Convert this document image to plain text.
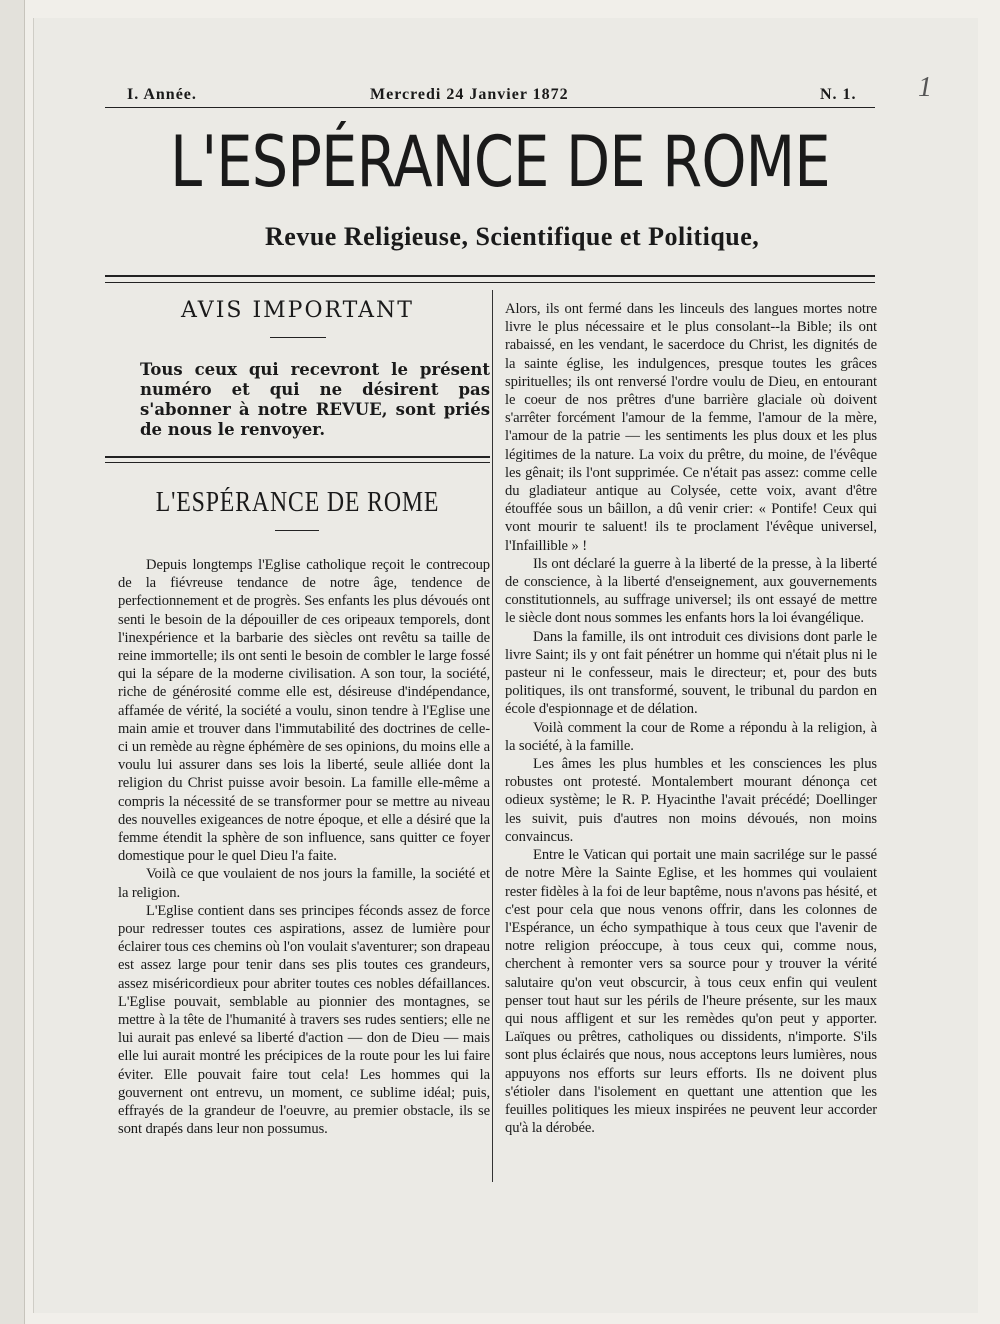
1
I. Année.	Mercredi 24 Janvier 1872	N. 1.
L'ESPÉRANCE DE ROME
Revue Religieuse, Scientifique et Politique,
AVIS IMPORTANT
Tous ceux qui recevront le présent numéro et qui ne désirent pas s'abonner à notre REVUE, sont priés de nous le renvoyer.
L'ESPÉRANCE DE ROME

Depuis longtemps l'Eglise catholique reçoit le contrecoup de la fiévreuse tendance de notre âge, tendence de perfectionnement et de progrès. Ses enfants les plus dévoués ont senti le besoin de la dépouiller de ces oripeaux temporels, dont l'inexpérience et la barbarie des siècles ont revêtu sa taille de reine immortelle; ils ont senti le besoin de combler le large fossé qui la sépare de la moderne civilisation. A son tour, la société, riche de générosité comme elle est, désireuse d'indépendance, affamée de vérité, la société a voulu, sinon tendre à l'Eglise une main amie et trouver dans l'immutabilité des doctrines de celle-ci un remède au règne éphémère de ses opinions, du moins elle a voulu lui assurer dans ses lois la liberté, seule alliée dont la religion du Christ puisse avoir besoin. La famille elle-même a compris la nécessité de se transformer pour se mettre au niveau des nouvelles exigeances de notre époque, et elle a désiré que la femme étendit la sphère de son influence, sans quitter ce foyer domestique pour le quel Dieu l'a faite.

Voilà ce que voulaient de nos jours la famille, la société et la religion.

L'Eglise contient dans ses principes féconds assez de force pour redresser toutes ces aspirations, assez de lumière pour éclairer tous ces chemins où l'on voulait s'aventurer; son drapeau est assez large pour tenir dans ses plis toutes ces grandeurs, assez miséricordieux pour abriter toutes ces nobles défaillances. L'Eglise pouvait, semblable au pionnier des montagnes, se mettre à la tête de l'humanité à travers ses rudes sentiers; elle ne lui aurait pas enlevé sa liberté d'action — don de Dieu — mais elle lui aurait montré les précipices de la route pour les lui faire éviter. Elle pouvait faire tout cela! Les hommes qui la gouvernent ont entrevu, un moment, ce sublime idéal; puis, effrayés de la grandeur de l'oeuvre, au premier obstacle, ils se sont drapés dans leur non possumus.

Alors, ils ont fermé dans les linceuls des langues mortes notre livre le plus nécessaire et le plus consolant--la Bible; ils ont rabaissé, en les vendant, le sacerdoce du Christ, les dignités de la sainte église, les indulgences, presque toutes les grâces spirituelles; ils ont renversé l'ordre voulu de Dieu, en entourant le coeur de nos prêtres d'une barrière glaciale où doivent s'arrêter forcément l'amour de la femme, l'amour de la mère, l'amour de la patrie — les sentiments les plus doux et les plus légitimes de la nature. La voix du prêtre, du moine, de l'évêque les gênait; ils l'ont supprimée. Ce n'était pas assez: comme celle du gladiateur antique au Colysée, cette voix, avant d'être étouffée sous un bâillon, a dû venir crier: « Pontife! Ceux qui vont mourir te saluent! ils te proclament l'évêque universel, l'Infaillible » !

Ils ont déclaré la guerre à la liberté de la presse, à la liberté de conscience, à la liberté d'enseignement, aux gouvernements constitutionnels, au suffrage universel; ils ont essayé de mettre le siècle dont nous sommes les enfants hors la loi évangélique.

Dans la famille, ils ont introduit ces divisions dont parle le livre Saint; ils y ont fait pénétrer un homme qui n'était plus ni le pasteur ni le confesseur, mais le directeur; et, pour des buts politiques, ils ont transformé, souvent, le tribunal du pardon en école d'espionnage et de délation.

Voilà comment la cour de Rome a répondu à la religion, à la société, à la famille.

Les âmes les plus humbles et les consciences les plus robustes ont protesté. Montalembert mourant dénonça cet odieux système; le R. P. Hyacinthe l'avait précédé; Doellinger les suivit, puis d'autres non moins dévoués, non moins convaincus.

Entre le Vatican qui portait une main sacrilége sur le passé de notre Mère la Sainte Eglise, et les hommes qui voulaient rester fidèles à la foi de leur baptême, nous n'avons pas hésité, et c'est pour cela que nous venons offrir, dans les colonnes de l'Espérance, un écho sympathique à tous ceux que l'avenir de notre religion préoccupe, à tous ceux qui, comme nous, cherchent à remonter vers sa source pour y trouver la vérité salutaire qu'on veut obscurcir, à tous ceux enfin qui veulent penser tout haut sur les périls de l'heure présente, sur les maux qui nous affligent et sur les remèdes qu'on peut y apporter. Laïques ou prêtres, catholiques ou dissidents, n'importe. S'ils sont plus éclairés que nous, nous acceptons leurs lumières, nous appuyons nos efforts sur leurs efforts. Ils ne doivent plus s'étioler dans l'isolement en quettant une attention que les feuilles politiques les mieux inspirées ne peuvent leur accorder qu'à la dérobée.
